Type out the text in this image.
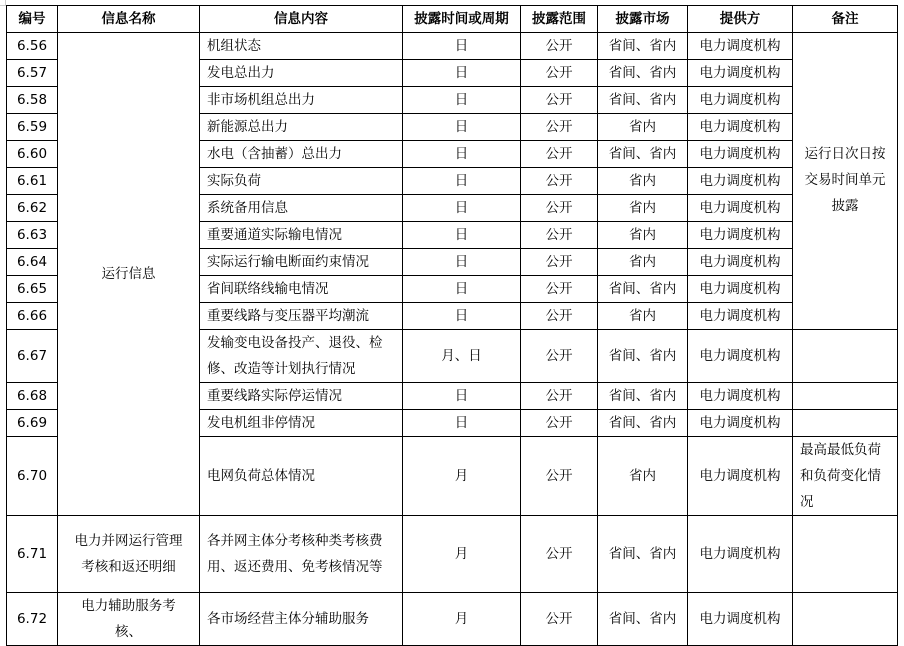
编号	信息名称	信息内容	披露时间或周期	披露范围	披露市场	提供方	备注
6.56	运行信息	机组状态	日	公开	省间、省内	电力调度机构	运行日次日按交易时间单元披露
6.57		发电总出力	日	公开	省间、省内	电力调度机构	
6.58		非市场机组总出力	日	公开	省间、省内	电力调度机构	
6.59		新能源总出力	日	公开	省内	电力调度机构	
6.60		水电（含抽蓄）总出力	日	公开	省间、省内	电力调度机构	
6.61		实际负荷	日	公开	省内	电力调度机构	
6.62		系统备用信息	日	公开	省内	电力调度机构	
6.63		重要通道实际输电情况	日	公开	省内	电力调度机构	
6.64		实际运行输电断面约束情况	日	公开	省内	电力调度机构	
6.65		省间联络线输电情况	日	公开	省间、省内	电力调度机构	
6.66		重要线路与变压器平均潮流	日	公开	省内	电力调度机构	
6.67		发输变电设备投产、退役、检修、改造等计划执行情况	月、日	公开	省间、省内	电力调度机构	
6.68		重要线路实际停运情况	日	公开	省间、省内	电力调度机构	
6.69		发电机组非停情况	日	公开	省间、省内	电力调度机构	
6.70		电网负荷总体情况	月	公开	省内	电力调度机构	最高最低负荷和负荷变化情况
6.71	电力并网运行管理考核和返还明细	各并网主体分考核种类考核费用、返还费用、免考核情况等	月	公开	省间、省内	电力调度机构	
6.72	电力辅助服务考核、	各市场经营主体分辅助服务	月	公开	省间、省内	电力调度机构	
